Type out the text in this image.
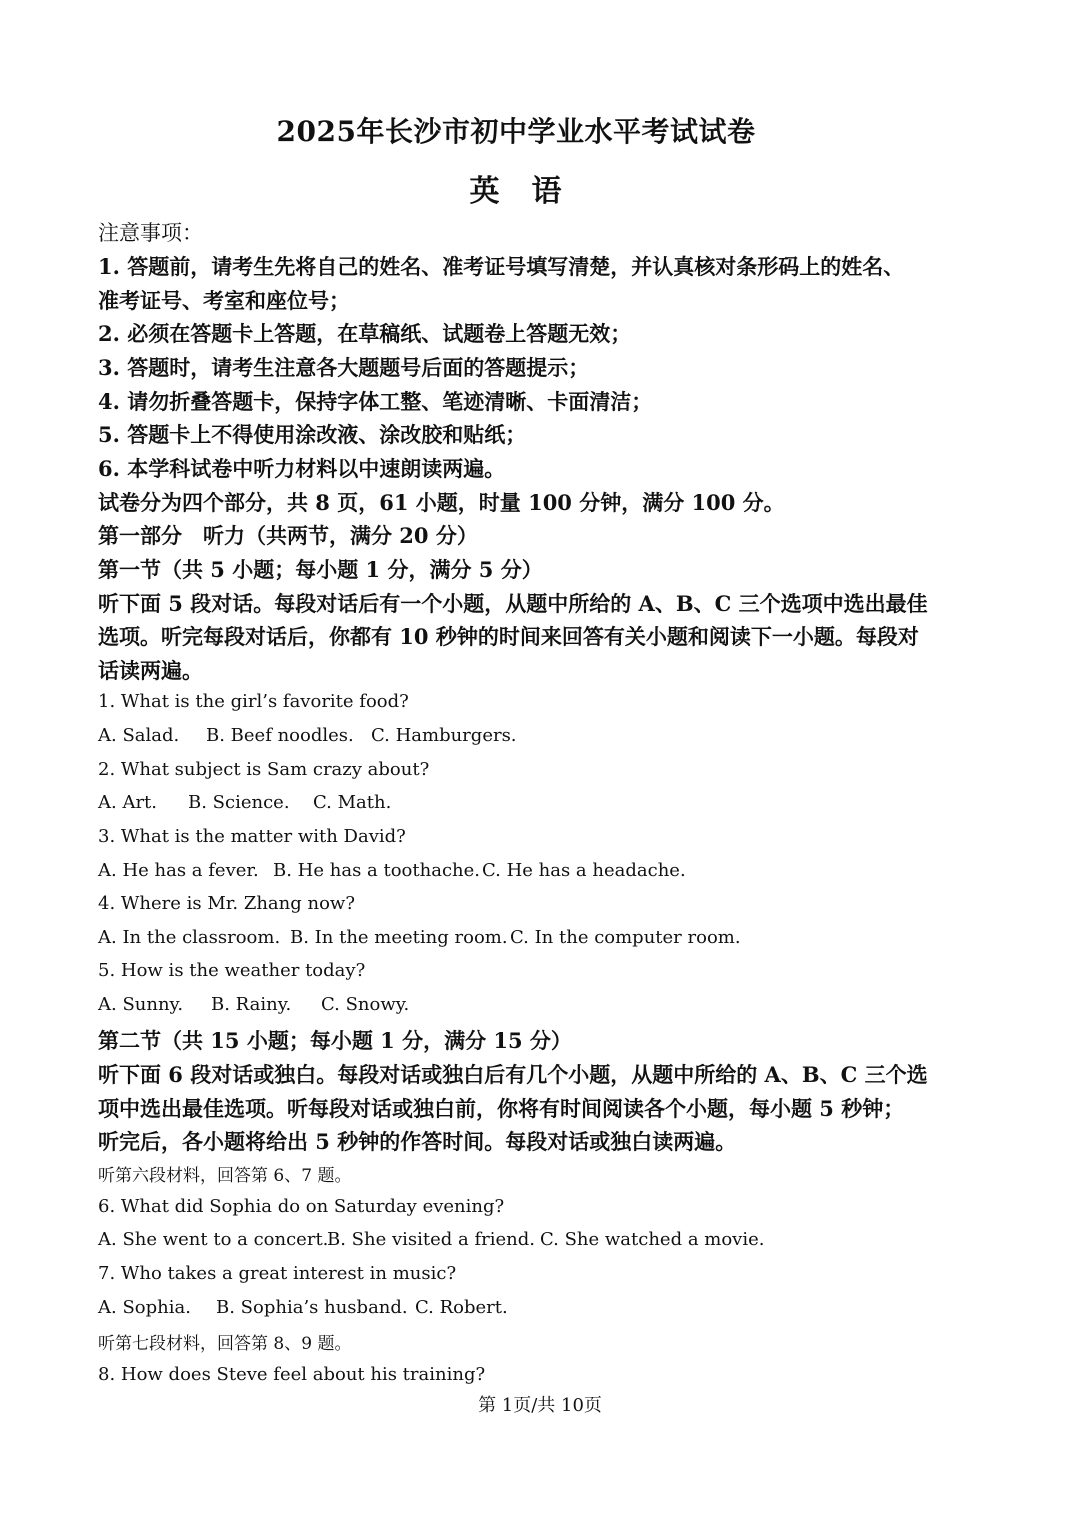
2025年长沙市初中学业水平考试试卷
英　语
注意事项：
1. 答题前，请考生先将自己的姓名、准考证号填写清楚，并认真核对条形码上的姓名、
准考证号、考室和座位号；
2. 必须在答题卡上答题，在草稿纸、试题卷上答题无效；
3. 答题时，请考生注意各大题题号后面的答题提示；
4. 请勿折叠答题卡，保持字体工整、笔迹清晰、卡面清洁；
5. 答题卡上不得使用涂改液、涂改胶和贴纸；
6. 本学科试卷中听力材料以中速朗读两遍。
试卷分为四个部分，共 8 页，61 小题，时量 100 分钟，满分 100 分。
第一部分　听力（共两节，满分 20 分）
第一节（共 5 小题；每小题 1 分，满分 5 分）
听下面 5 段对话。每段对话后有一个小题，从题中所给的 A、B、C 三个选项中选出最佳
选项。听完每段对话后，你都有 10 秒钟的时间来回答有关小题和阅读下一小题。每段对
话读两遍。
1. What is the girl’s favorite food?
A. Salad. B. Beef noodles. C. Hamburgers.
2. What subject is Sam crazy about?
A. Art. B. Science. C. Math.
3. What is the matter with David?
A. He has a fever. B. He has a toothache. C. He has a headache.
4. Where is Mr. Zhang now?
A. In the classroom. B. In the meeting room. C. In the computer room.
5. How is the weather today?
A. Sunny. B. Rainy. C. Snowy.
第二节（共 15 小题；每小题 1 分，满分 15 分）
听下面 6 段对话或独白。每段对话或独白后有几个小题，从题中所给的 A、B、C 三个选
项中选出最佳选项。听每段对话或独白前，你将有时间阅读各个小题，每小题 5 秒钟；
听完后，各小题将给出 5 秒钟的作答时间。每段对话或独白读两遍。
听第六段材料，回答第 6、7 题。
6. What did Sophia do on Saturday evening?
A. She went to a concert.B. She visited a friend. C. She watched a movie.
7. Who takes a great interest in music?
A. Sophia. B. Sophia’s husband. C. Robert.
听第七段材料，回答第 8、9 题。
8. How does Steve feel about his training?
第 1页/共 10页
